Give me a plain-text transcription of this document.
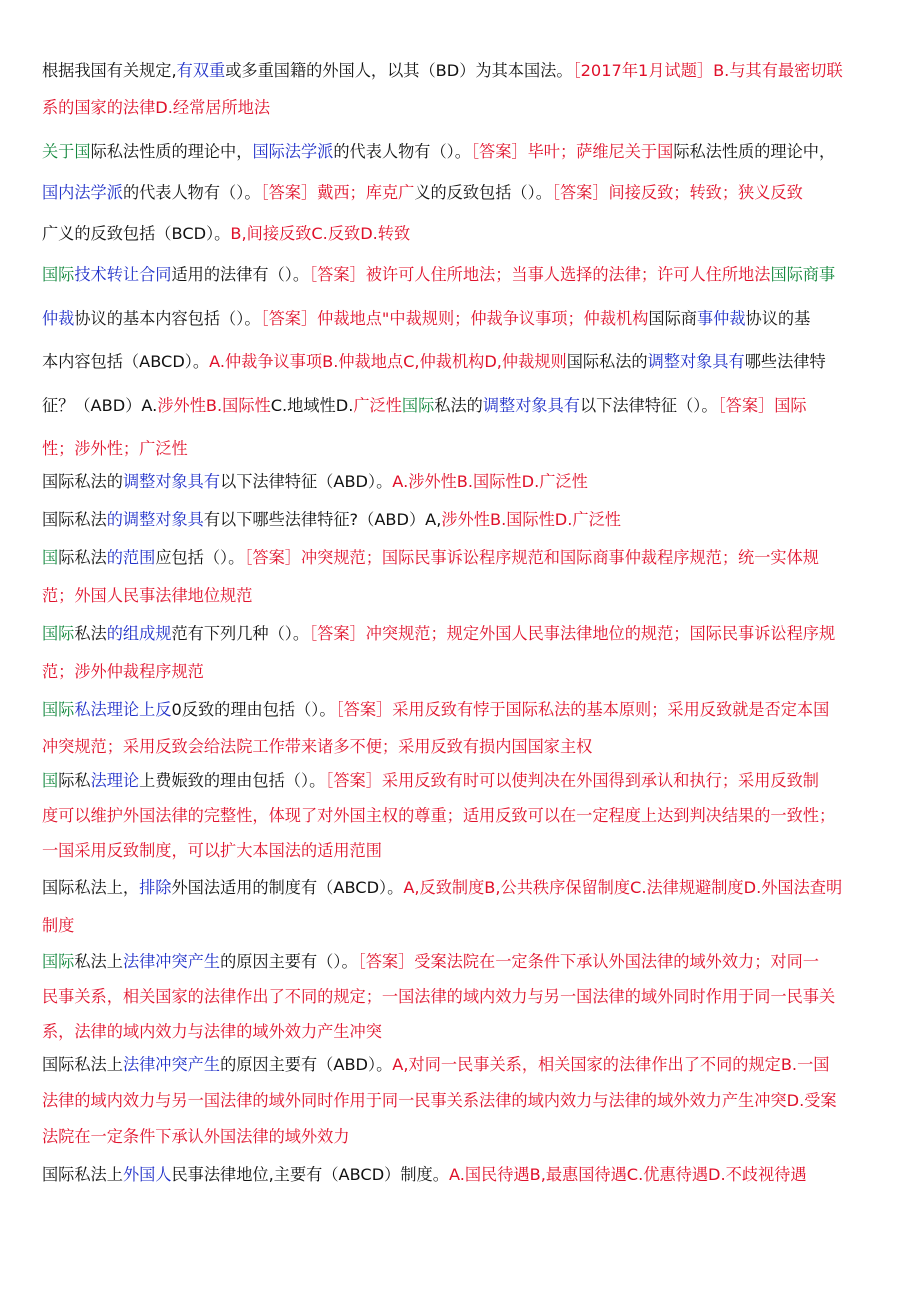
根据我国有关规定,有双重或多重国籍的外国人，以其（BD）为其本国法。［2017年1月试题］B.与其有最密切联
系的国家的法律D.经常居所地法
关于国际私法性质的理论中，国际法学派的代表人物有（）。［答案］毕叶；萨维尼关于国际私法性质的理论中，
国内法学派的代表人物有（）。［答案］戴西；库克广义的反致包括（）。［答案］间接反致；转致；狭义反致
广义的反致包括（BCD）。B,间接反致C.反致D.转致
国际技术转让合同适用的法律有（）。［答案］被许可人住所地法；当事人选择的法律；许可人住所地法国际商事
仲裁协议的基本内容包括（）。［答案］仲裁地点"中裁规则；仲裁争议事项；仲裁机构国际商事仲裁协议的基
本内容包括（ABCD）。A.仲裁争议事项B.仲裁地点C,仲裁机构D,仲裁规则国际私法的调整对象具有哪些法律特
征？（ABD）A.涉外性B.国际性C.地域性D.广泛性国际私法的调整对象具有以下法律特征（）。［答案］国际
性；涉外性；广泛性
国际私法的调整对象具有以下法律特征（ABD）。A.涉外性B.国际性D.广泛性
国际私法的调整对象具有以下哪些法律特征?（ABD）A,涉外性B.国际性D.广泛性
国际私法的范围应包括（）。［答案］冲突规范；国际民事诉讼程序规范和国际商事仲裁程序规范；统一实体规
范；外国人民事法律地位规范
国际私法的组成规范有下列几种（）。［答案］冲突规范；规定外国人民事法律地位的规范；国际民事诉讼程序规
范；涉外仲裁程序规范
国际私法理论上反0反致的理由包括（）。［答案］采用反致有悖于国际私法的基本原则；采用反致就是否定本国
冲突规范；采用反致会给法院工作带来诸多不便；采用反致有损内国国家主权
国际私法理论上费娠致的理由包括（）。［答案］采用反致有时可以使判决在外国得到承认和执行；采用反致制
度可以维护外国法律的完整性，体现了对外国主权的尊重；适用反致可以在一定程度上达到判决结果的一致性；
一国采用反致制度，可以扩大本国法的适用范围
国际私法上，排除外国法适用的制度有（ABCD）。A,反致制度B,公共秩序保留制度C.法律规避制度D.外国法查明
制度
国际私法上法律冲突产生的原因主要有（）。［答案］受案法院在一定条件下承认外国法律的域外效力；对同一
民事关系，相关国家的法律作出了不同的规定；一国法律的域内效力与另一国法律的域外同时作用于同一民事关
系，法律的域内效力与法律的域外效力产生冲突
国际私法上法律冲突产生的原因主要有（ABD）。A,对同一民事关系，相关国家的法律作出了不同的规定B.一国
法律的域内效力与另一国法律的域外同时作用于同一民事关系法律的域内效力与法律的域外效力产生冲突D.受案
法院在一定条件下承认外国法律的域外效力
国际私法上外国人民事法律地位,主要有（ABCD）制度。A.国民待遇B,最惠国待遇C.优惠待遇D.不歧视待遇
